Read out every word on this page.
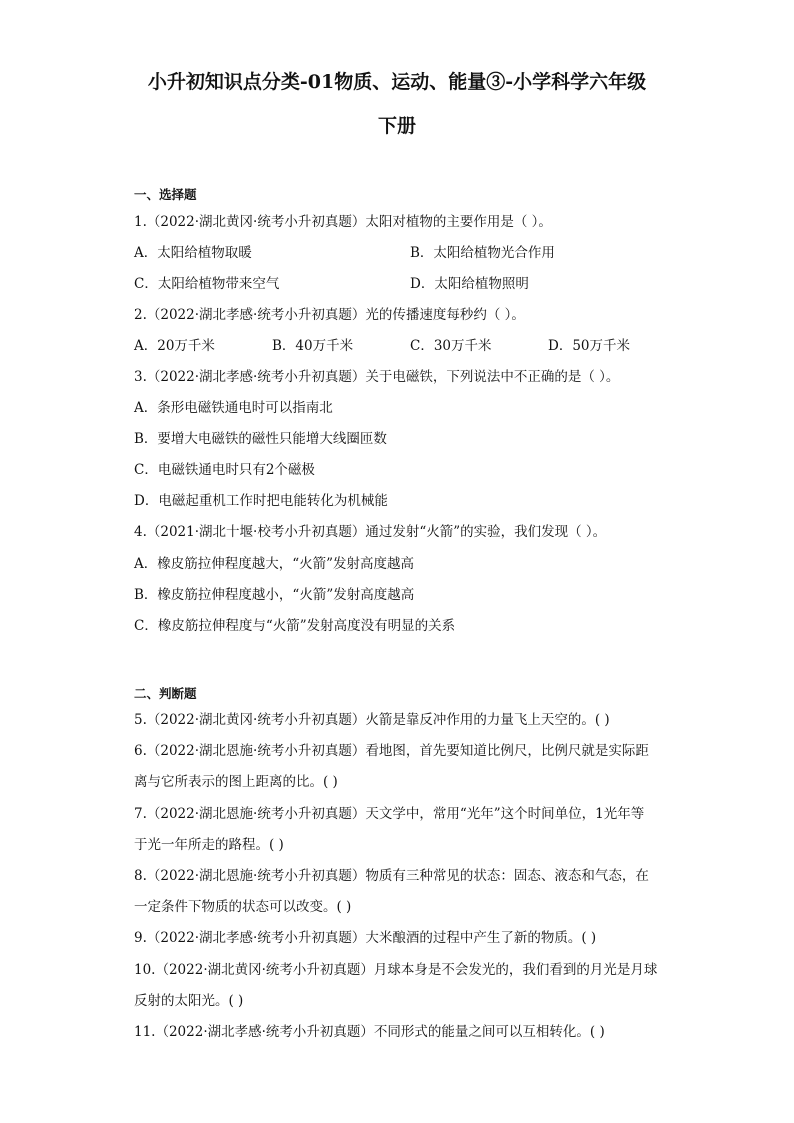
小升初知识点分类-01物质、运动、能量③-小学科学六年级
下册
一、选择题
1.（2022·湖北黄冈·统考小升初真题）太阳对植物的主要作用是（ ）。
A．太阳给植物取暖	B．太阳给植物光合作用
C．太阳给植物带来空气	D．太阳给植物照明
2.（2022·湖北孝感·统考小升初真题）光的传播速度每秒约（ ）。
A．20万千米	B．40万千米	C．30万千米	D．50万千米
3.（2022·湖北孝感·统考小升初真题）关于电磁铁，下列说法中不正确的是（ ）。
A．条形电磁铁通电时可以指南北
B．要增大电磁铁的磁性只能增大线圈匝数
C．电磁铁通电时只有2个磁极
D．电磁起重机工作时把电能转化为机械能
4.（2021·湖北十堰·校考小升初真题）通过发射“火箭”的实验，我们发现（ ）。
A．橡皮筋拉伸程度越大，“火箭”发射高度越高
B．橡皮筋拉伸程度越小，“火箭”发射高度越高
C．橡皮筋拉伸程度与“火箭”发射高度没有明显的关系
二、判断题
5.（2022·湖北黄冈·统考小升初真题）火箭是靠反冲作用的力量飞上天空的。( )
6.（2022·湖北恩施·统考小升初真题）看地图，首先要知道比例尺，比例尺就是实际距
离与它所表示的图上距离的比。( )
7.（2022·湖北恩施·统考小升初真题）天文学中，常用“光年”这个时间单位，1光年等
于光一年所走的路程。( )
8.（2022·湖北恩施·统考小升初真题）物质有三种常见的状态：固态、液态和气态，在
一定条件下物质的状态可以改变。( )
9.（2022·湖北孝感·统考小升初真题）大米酿酒的过程中产生了新的物质。( )
10.（2022·湖北黄冈·统考小升初真题）月球本身是不会发光的，我们看到的月光是月球
反射的太阳光。( )
11.（2022·湖北孝感·统考小升初真题）不同形式的能量之间可以互相转化。( )
